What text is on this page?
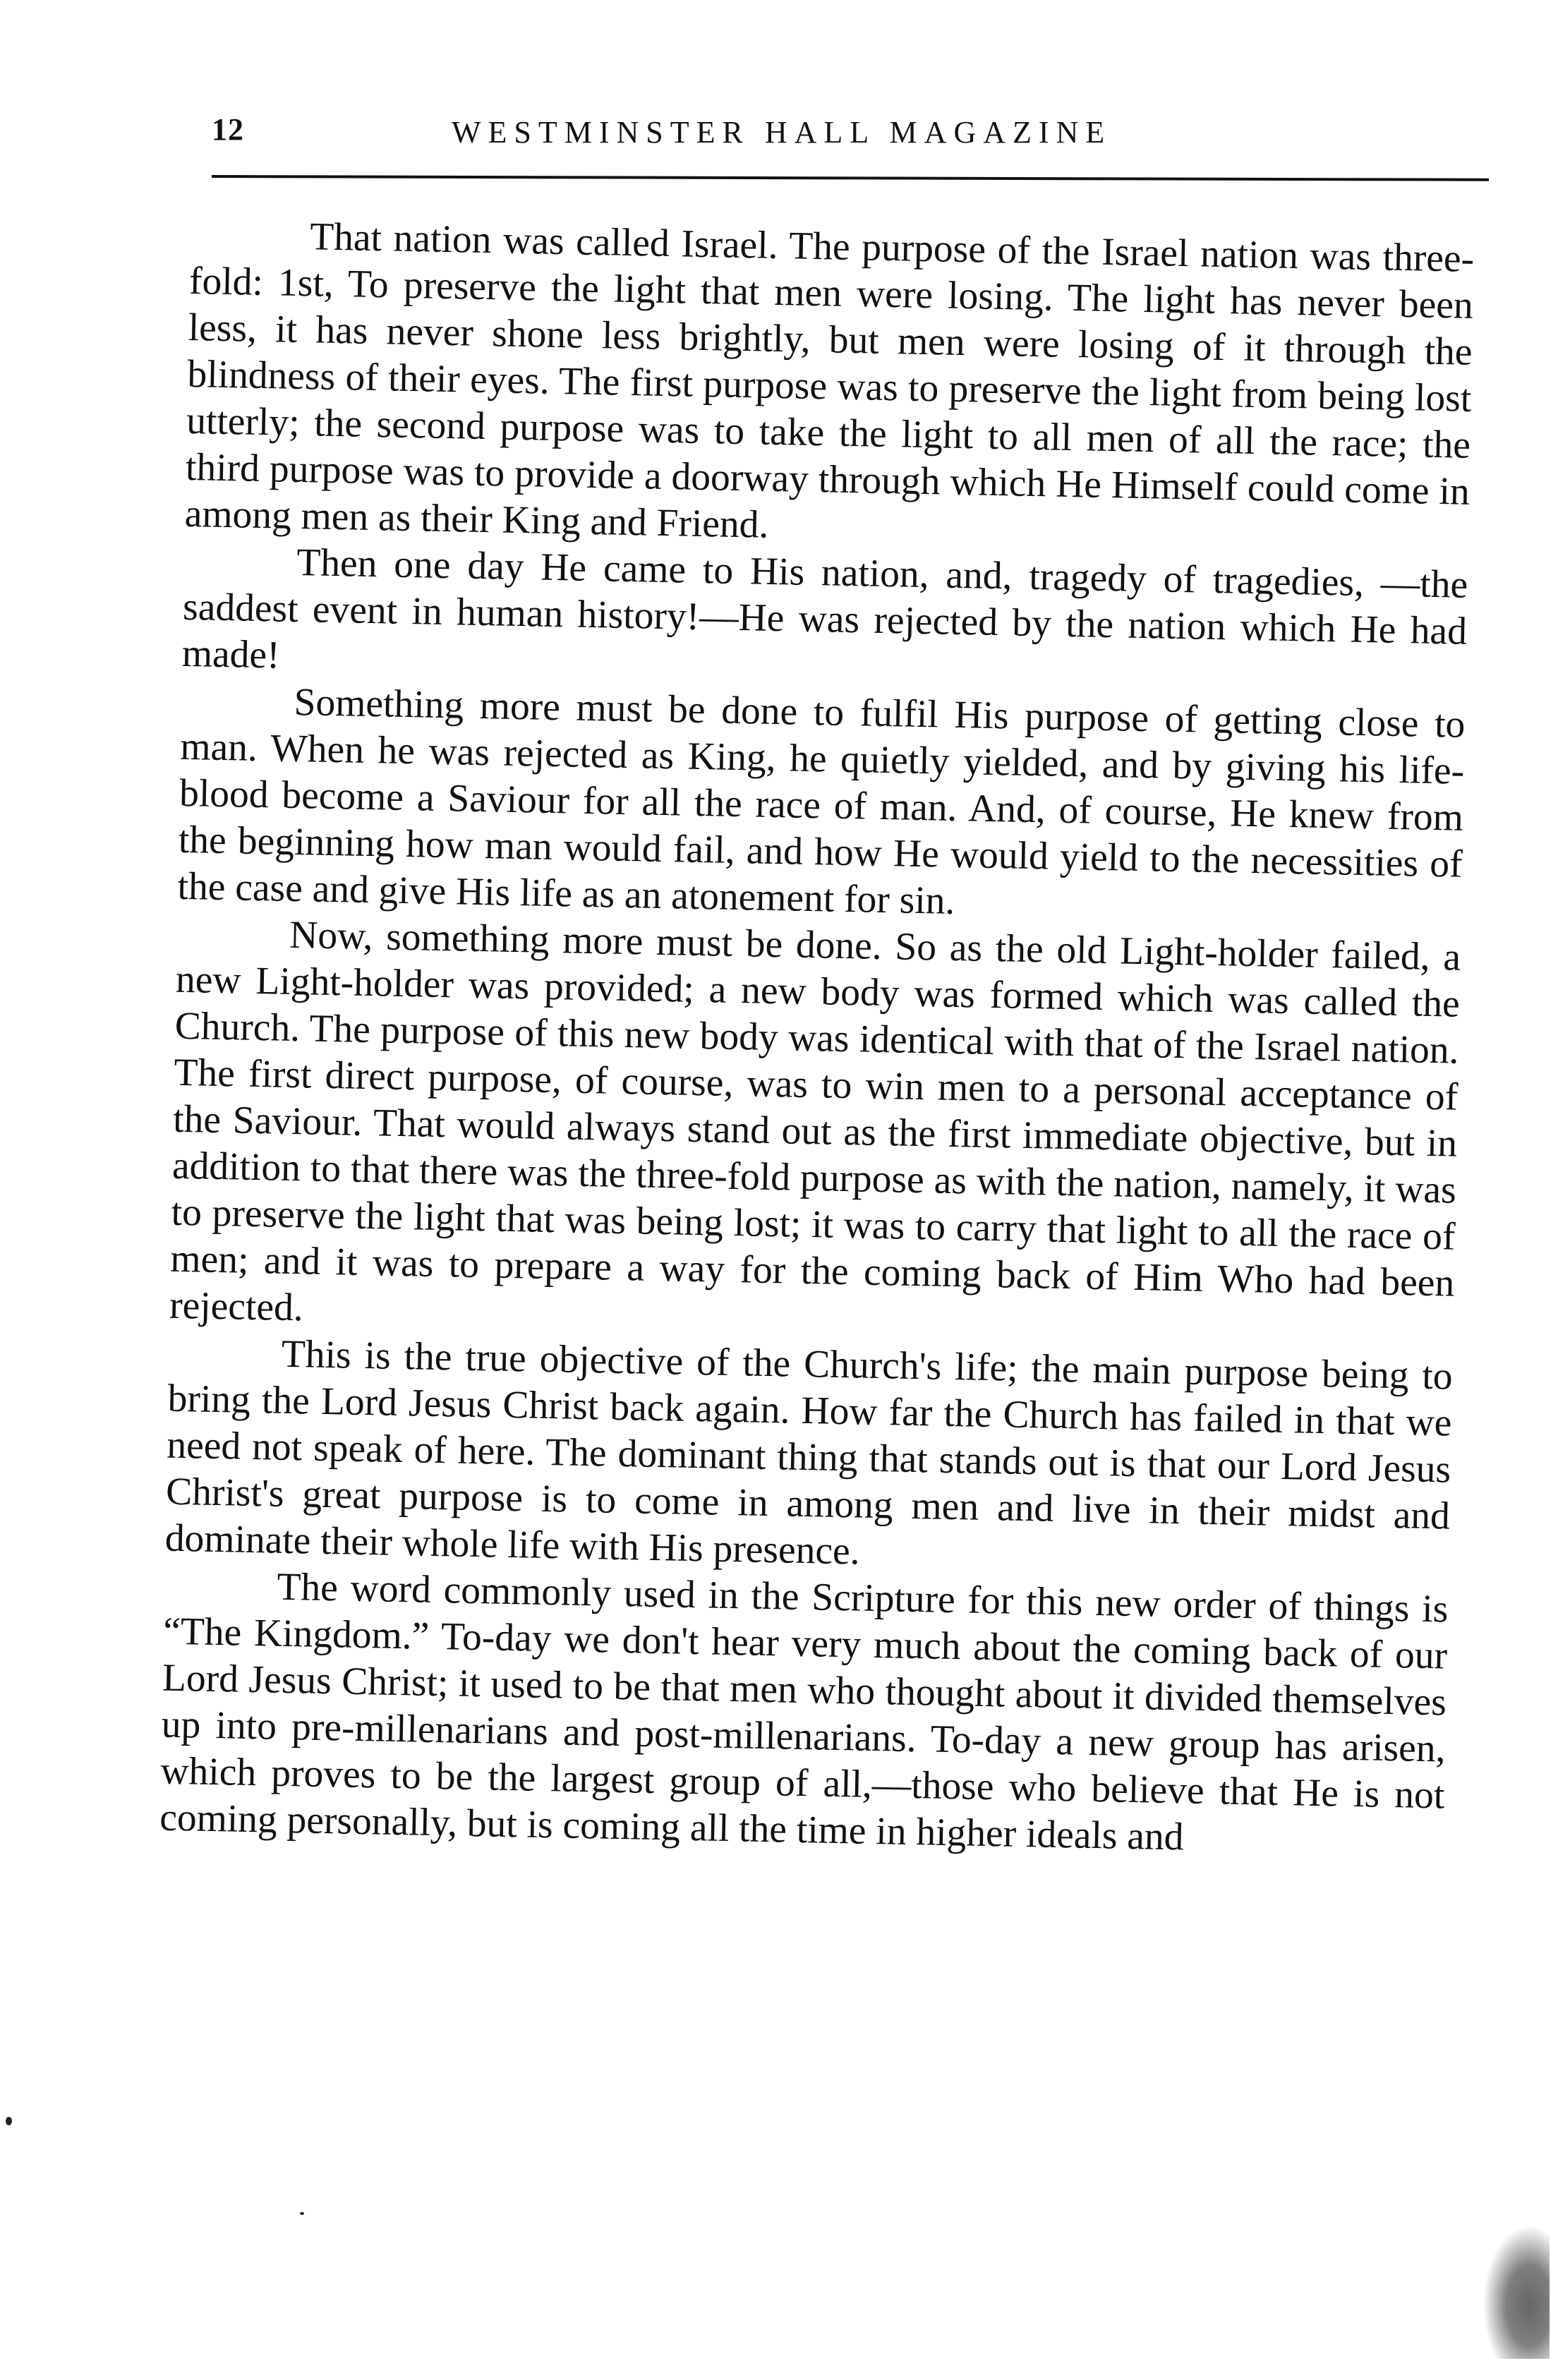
12	WESTMINSTER HALL MAGAZINE

That nation was called Israel. The purpose of the Israel nation was three-fold: 1st, To preserve the light that men were losing. The light has never been less, it has never shone less brightly, but men were losing of it through the blindness of their eyes. The first purpose was to preserve the light from being lost utterly; the second purpose was to take the light to all men of all the race; the third purpose was to provide a doorway through which He Himself could come in among men as their King and Friend.

Then one day He came to His nation, and, tragedy of tragedies, —the saddest event in human history!—He was rejected by the nation which He had made!

Something more must be done to fulfil His purpose of getting close to man. When he was rejected as King, he quietly yielded, and by giving his life-blood become a Saviour for all the race of man. And, of course, He knew from the beginning how man would fail, and how He would yield to the necessities of the case and give His life as an atonement for sin.

Now, something more must be done. So as the old Light-holder failed, a new Light-holder was provided; a new body was formed which was called the Church. The purpose of this new body was identical with that of the Israel nation. The first direct purpose, of course, was to win men to a personal acceptance of the Saviour. That would always stand out as the first immediate objective, but in addition to that there was the three-fold purpose as with the nation, namely, it was to preserve the light that was being lost; it was to carry that light to all the race of men; and it was to prepare a way for the coming back of Him Who had been rejected.

This is the true objective of the Church's life; the main purpose being to bring the Lord Jesus Christ back again. How far the Church has failed in that we need not speak of here. The dominant thing that stands out is that our Lord Jesus Christ's great purpose is to come in among men and live in their midst and dominate their whole life with His presence.

The word commonly used in the Scripture for this new order of things is “The Kingdom.” To-day we don't hear very much about the coming back of our Lord Jesus Christ; it used to be that men who thought about it divided themselves up into pre-millenarians and post-millenarians. To-day a new group has arisen, which proves to be the largest group of all,—those who believe that He is not coming personally, but is coming all the time in higher ideals and
